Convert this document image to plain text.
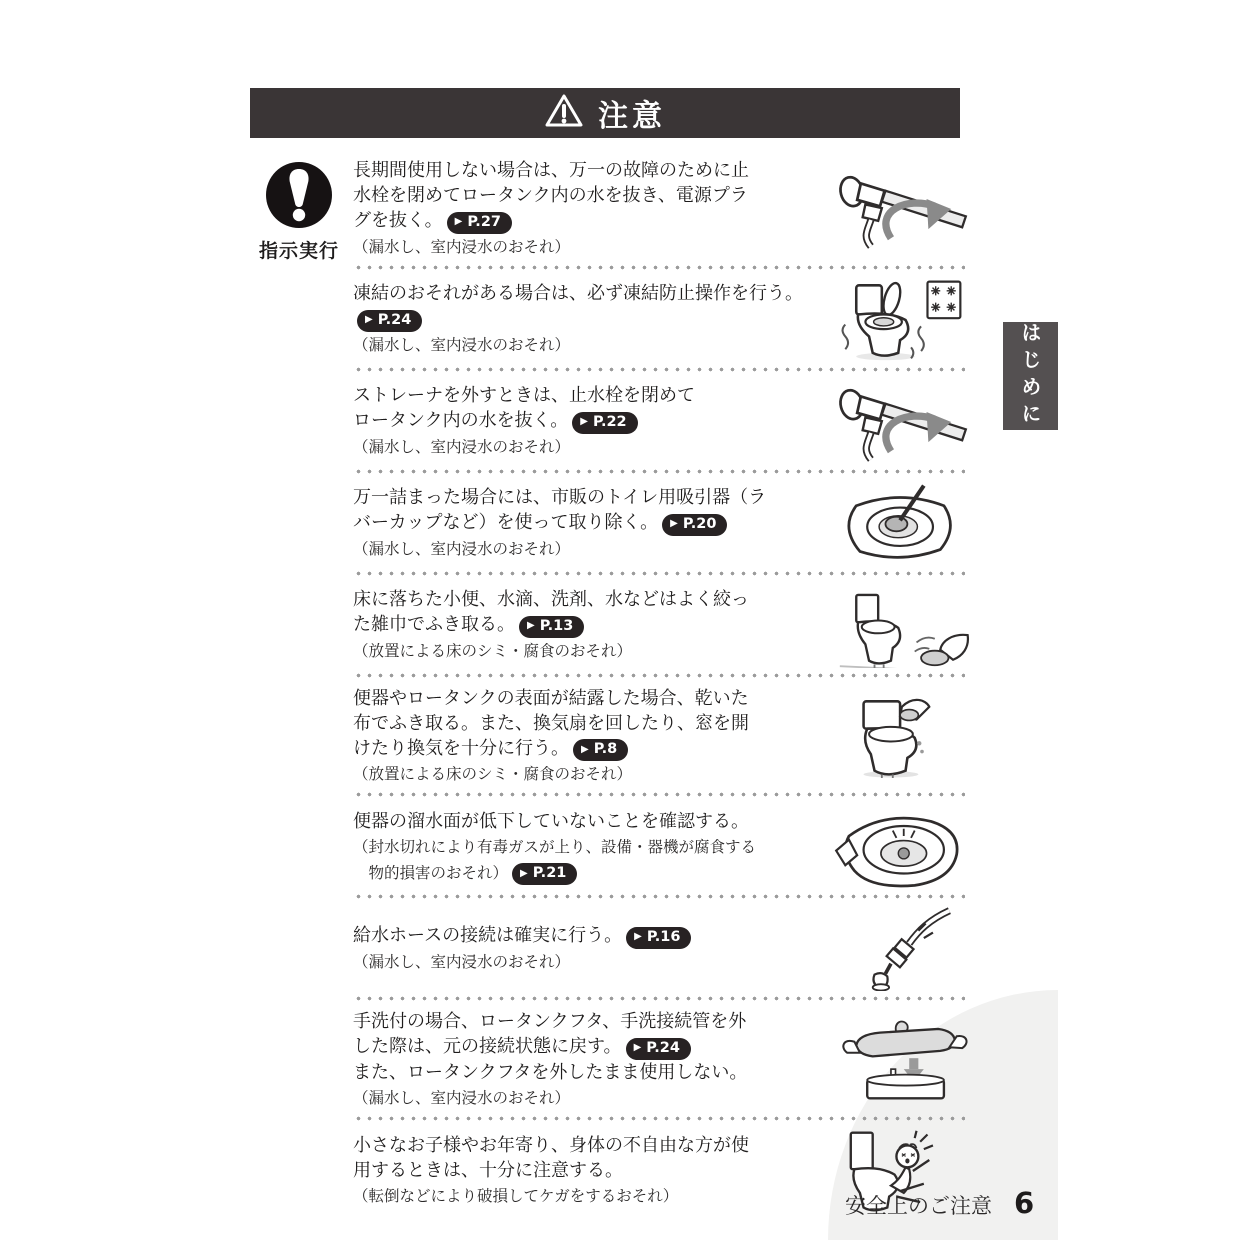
注意
指示実行
長期間使用しない場合は、万一の故障のために止
水栓を閉めてロータンク内の水を抜き、電源プラ
グを抜く。 ▶ P.27
（漏水し、室内浸水のおそれ）
凍結のおそれがある場合は、必ず凍結防止操作を行う。
▶ P.24
（漏水し、室内浸水のおそれ）
ストレーナを外すときは、止水栓を閉めて
ロータンク内の水を抜く。 ▶ P.22
（漏水し、室内浸水のおそれ）
万一詰まった場合には、市販のトイレ用吸引器（ラ
バーカップなど）を使って取り除く。 ▶ P.20
（漏水し、室内浸水のおそれ）
床に落ちた小便、水滴、洗剤、水などはよく絞っ
た雑巾でふき取る。 ▶ P.13
（放置による床のシミ・腐食のおそれ）
便器やロータンクの表面が結露した場合、乾いた
布でふき取る。また、換気扇を回したり、窓を開
けたり換気を十分に行う。 ▶ P.8
（放置による床のシミ・腐食のおそれ）
便器の溜水面が低下していないことを確認する。
（封水切れにより有毒ガスが上り、設備・器機が腐食する
　物的損害のおそれ） ▶ P.21
給水ホースの接続は確実に行う。 ▶ P.16
（漏水し、室内浸水のおそれ）
手洗付の場合、ロータンクフタ、手洗接続管を外
した際は、元の接続状態に戻す。 ▶ P.24
また、ロータンクフタを外したまま使用しない。
（漏水し、室内浸水のおそれ）
小さなお子様やお年寄り、身体の不自由な方が使
用するときは、十分に注意する。
（転倒などにより破損してケガをするおそれ）
はじめに
安全上のご注意 6
